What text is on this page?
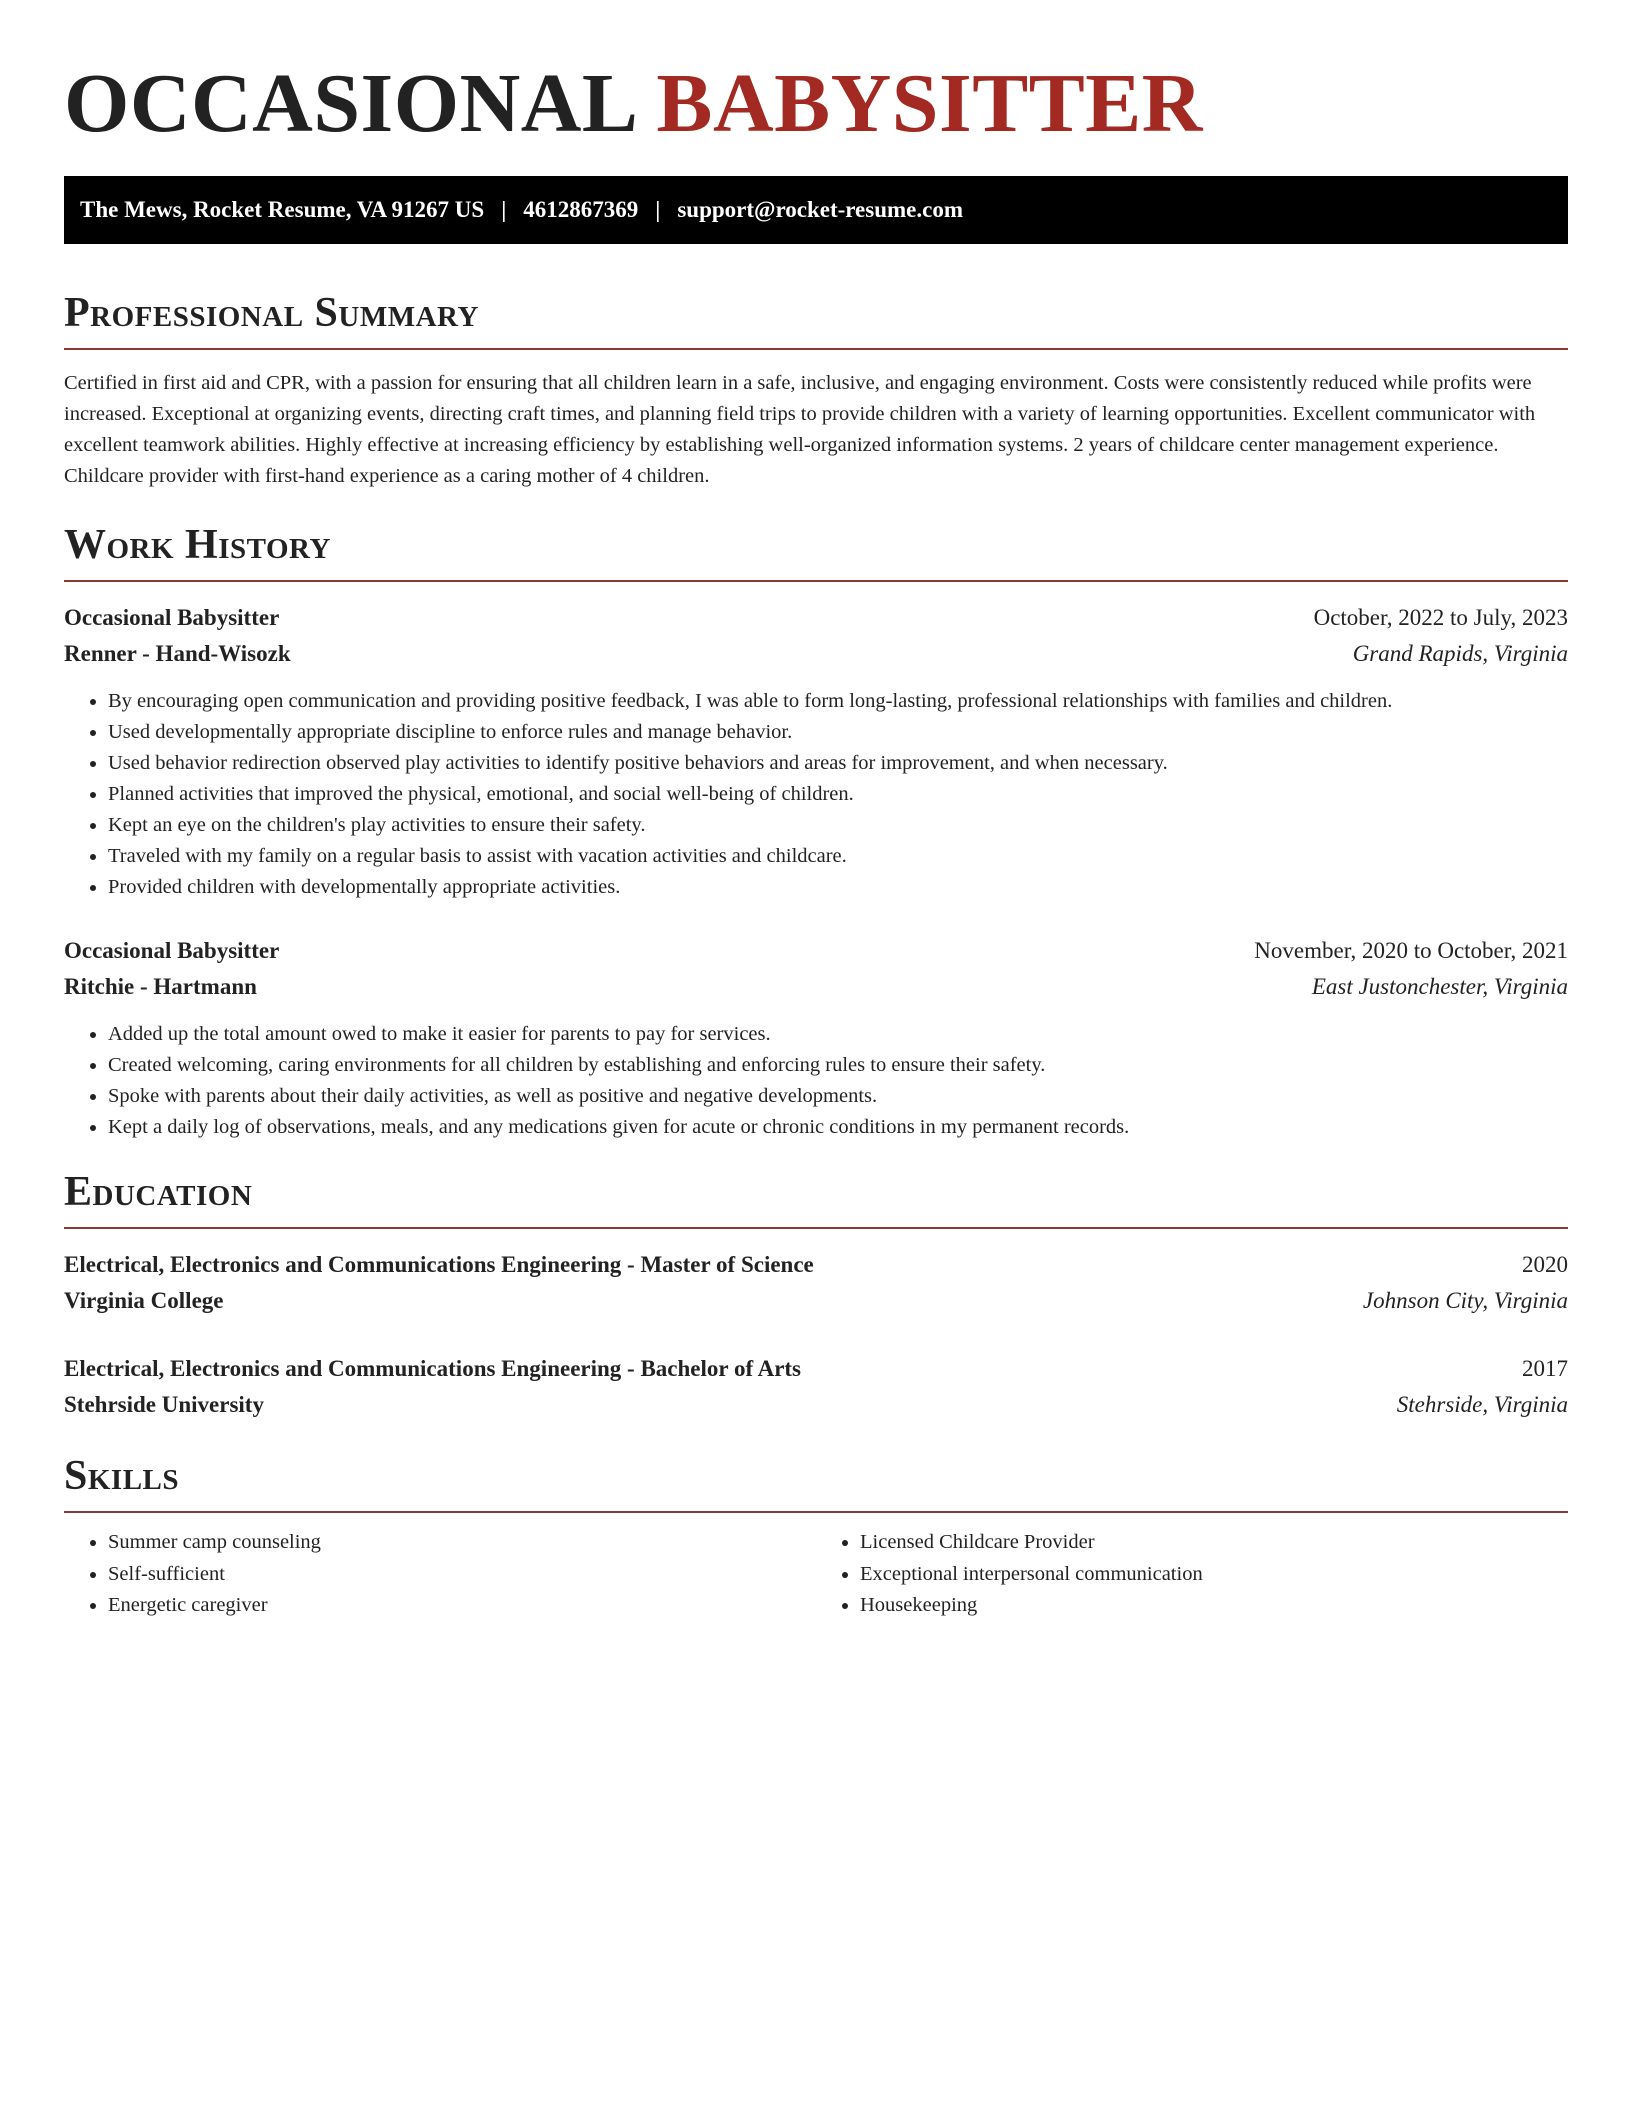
OCCASIONAL BABYSITTER
The Mews, Rocket Resume, VA 91267 US | 4612867369 | support@rocket-resume.com
Professional Summary

Certified in first aid and CPR, with a passion for ensuring that all children learn in a safe, inclusive, and engaging environment. Costs were consistently reduced while profits were increased. Exceptional at organizing events, directing craft times, and planning field trips to provide children with a variety of learning opportunities. Excellent communicator with excellent teamwork abilities. Highly effective at increasing efficiency by establishing well-organized information systems. 2 years of childcare center management experience. Childcare provider with first-hand experience as a caring mother of 4 children.

Work History
Occasional Babysitter	October, 2022 to July, 2023
Renner - Hand-Wisozk	Grand Rapids, Virginia
• By encouraging open communication and providing positive feedback, I was able to form long-lasting, professional relationships with families and children.
• Used developmentally appropriate discipline to enforce rules and manage behavior.
• Used behavior redirection observed play activities to identify positive behaviors and areas for improvement, and when necessary.
• Planned activities that improved the physical, emotional, and social well-being of children.
• Kept an eye on the children's play activities to ensure their safety.
• Traveled with my family on a regular basis to assist with vacation activities and childcare.
• Provided children with developmentally appropriate activities.
Occasional Babysitter	November, 2020 to October, 2021
Ritchie - Hartmann	East Justonchester, Virginia
• Added up the total amount owed to make it easier for parents to pay for services.
• Created welcoming, caring environments for all children by establishing and enforcing rules to ensure their safety.
• Spoke with parents about their daily activities, as well as positive and negative developments.
• Kept a daily log of observations, meals, and any medications given for acute or chronic conditions in my permanent records.
Education
Electrical, Electronics and Communications Engineering - Master of Science	2020
Virginia College	Johnson City, Virginia
Electrical, Electronics and Communications Engineering - Bachelor of Arts	2017
Stehrside University	Stehrside, Virginia
Skills
• Summer camp counseling
• Self-sufficient
• Energetic caregiver
• Licensed Childcare Provider
• Exceptional interpersonal communication
• Housekeeping
